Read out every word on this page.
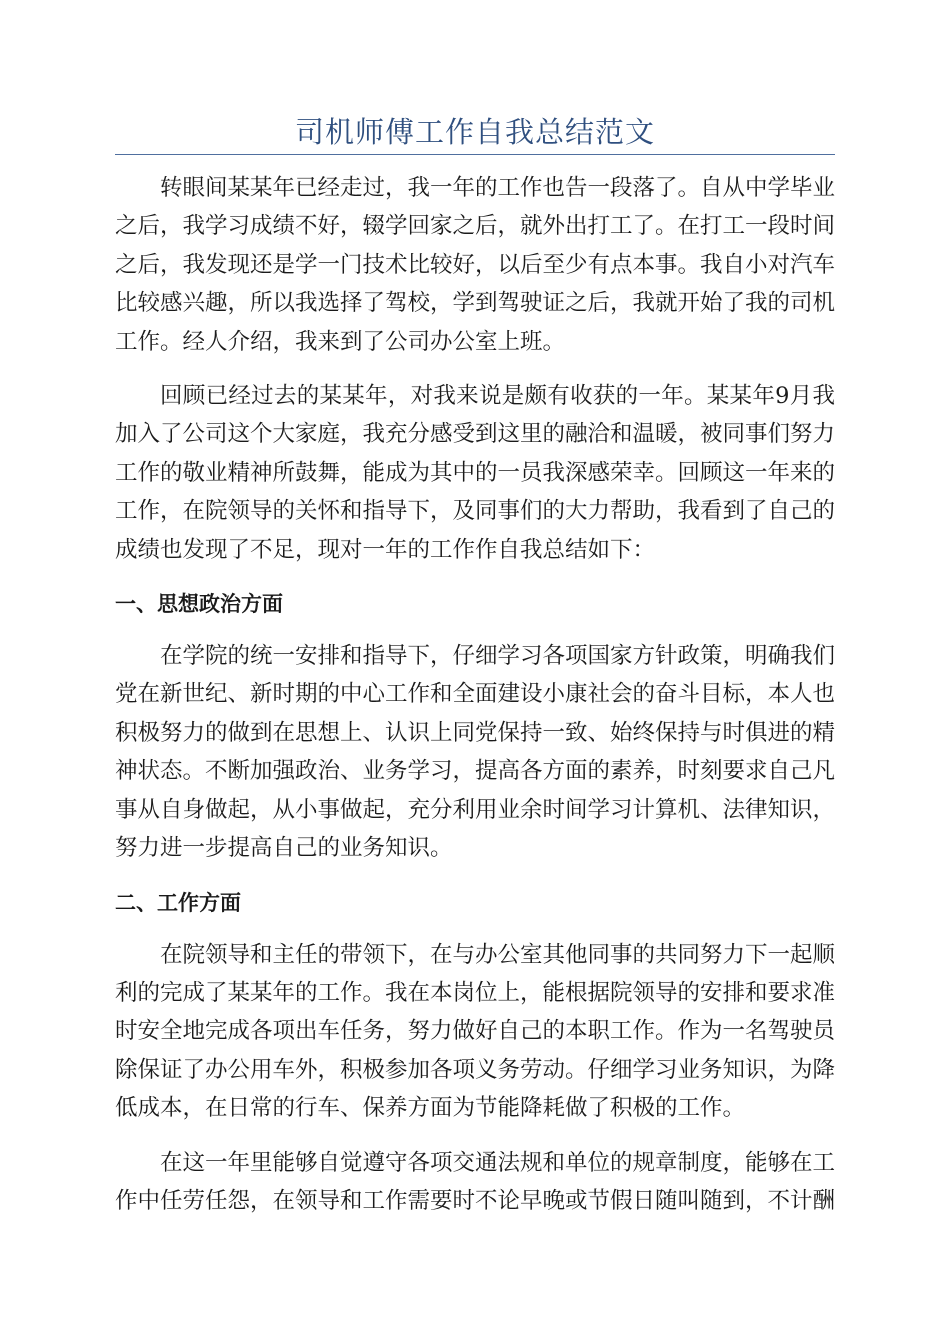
司机师傅工作自我总结范文

转眼间某某年已经走过，我一年的工作也告一段落了。自从中学毕业之后，我学习成绩不好，辍学回家之后，就外出打工了。在打工一段时间之后，我发现还是学一门技术比较好，以后至少有点本事。我自小对汽车比较感兴趣，所以我选择了驾校，学到驾驶证之后，我就开始了我的司机工作。经人介绍，我来到了公司办公室上班。

回顾已经过去的某某年，对我来说是颇有收获的一年。某某年9月我加入了公司这个大家庭，我充分感受到这里的融洽和温暖，被同事们努力工作的敬业精神所鼓舞，能成为其中的一员我深感荣幸。回顾这一年来的工作，在院领导的关怀和指导下，及同事们的大力帮助，我看到了自己的成绩也发现了不足，现对一年的工作作自我总结如下：

一、思想政治方面

在学院的统一安排和指导下，仔细学习各项国家方针政策，明确我们党在新世纪、新时期的中心工作和全面建设小康社会的奋斗目标，本人也积极努力的做到在思想上、认识上同党保持一致、始终保持与时俱进的精神状态。不断加强政治、业务学习，提高各方面的素养，时刻要求自己凡事从自身做起，从小事做起，充分利用业余时间学习计算机、法律知识，努力进一步提高自己的业务知识。

二、工作方面

在院领导和主任的带领下，在与办公室其他同事的共同努力下一起顺利的完成了某某年的工作。我在本岗位上，能根据院领导的安排和要求准时安全地完成各项出车任务，努力做好自己的本职工作。作为一名驾驶员除保证了办公用车外，积极参加各项义务劳动。仔细学习业务知识，为降低成本，在日常的行车、保养方面为节能降耗做了积极的工作。

在这一年里能够自觉遵守各项交通法规和单位的规章制度，能够在工作中任劳任怨，在领导和工作需要时不论早晚或节假日随叫随到，不计酬
